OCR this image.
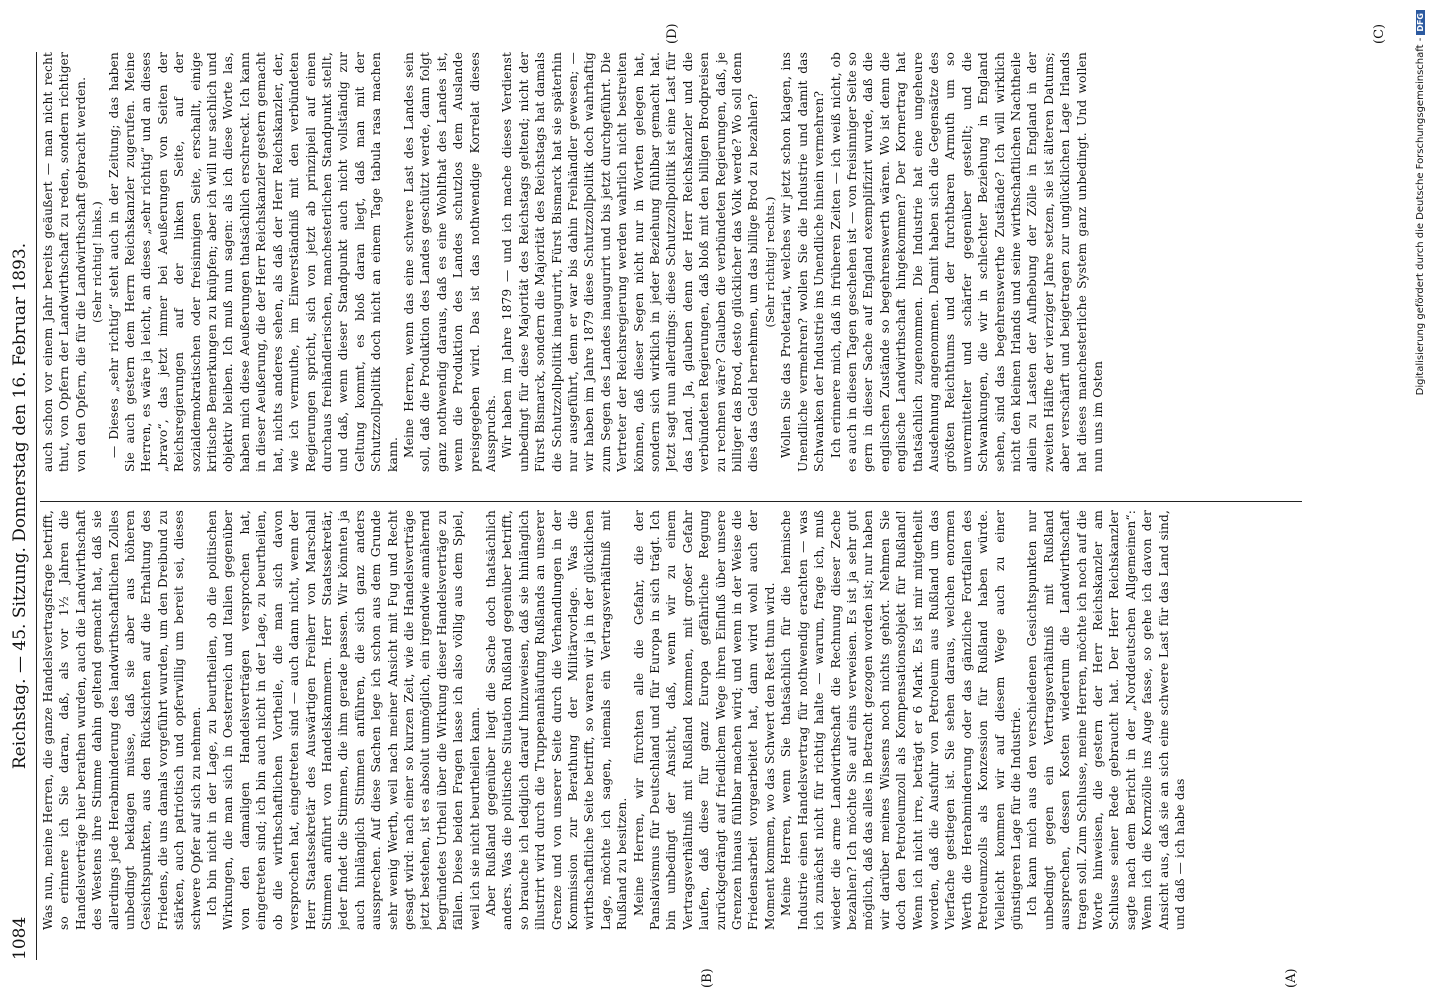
1084
Reichstag. — 45. Sitzung. Donnerstag den 16. Februar 1893. Was nun, meine Herren, die ganze Handelsvertragsfrage betrifft, so erinnere ich Sie daran, daß, als vor 1½ Jahren die Handelsverträge hier berathen wurden, auch die Landwirthschaft des Westens ihre Stimme dahin geltend gemacht hat, daß sie allerdings jede Herabminderung des landwirthschaftlichen Zolles unbedingt beklagen müsse, daß sie aber aus höheren Gesichtspunkten, aus den Rücksichten auf die Erhaltung des Friedens, die uns damals vorgeführt wurden, um den Dreibund zu stärken, auch patriotisch und opferwillig um bereit sei, dieses schwere Opfer auf sich zu nehmen. Ich bin nicht in der Lage, zu beurtheilen, ob die politischen Wirkungen, die man sich in Oesterreich und Italien gegenüber von den damaligen Handelsverträgen versprochen hat, eingetreten sind; ich bin auch nicht in der Lage, zu beurtheilen, ob die wirthschaftlichen Vortheile, die man sich davon versprochen hat, eingetreten sind — auch dann nicht, wenn der Herr Staatssekretär des Auswärtigen Freiherr von Marschall Stimmen anführt von Handelskammern. Herr Staatssekretär, jeder findet die Stimmen, die ihm gerade passen. Wir könnten ja auch hinlänglich Stimmen anführen, die sich ganz anders aussprechen. Auf diese Sachen lege ich schon aus dem Grunde sehr wenig Werth, weil nach meiner Ansicht mit Fug und Recht gesagt wird: nach einer so kurzen Zeit, wie die Handelsverträge jetzt bestehen, ist es absolut unmöglich, ein irgendwie annähernd begründetes Urtheil über die Wirkung dieser Handelsverträge zu fällen. Diese beiden Fragen lasse ich also völlig aus dem Spiel, weil ich sie nicht beurtheilen kann. Aber Rußland gegenüber liegt die Sache doch thatsächlich anders. Was die politische Situation Rußland gegenüber betrifft, so brauche ich lediglich darauf hinzuweisen, daß sie hinlänglich illustrirt wird durch die Truppenanhäufung Rußlands an unserer Grenze und von unserer Seite durch die Verhandlungen in der Kommission zur Berathung der Militärvorlage. Was die wirthschaftliche Seite betrifft, so waren wir ja in der glücklichen Lage, möchte ich sagen, niemals ein Vertragsverhältniß mit Rußland zu besitzen. Meine Herren, wir fürchten alle die Gefahr, die der Panslavismus für Deutschland und für Europa in sich trägt. Ich bin unbedingt der Ansicht, daß, wenn wir zu einem Vertragsverhältniß mit Rußland kommen, mit großer Gefahr laufen, daß diese für ganz Europa gefährliche Regung zurückgedrängt auf friedlichem Wege ihren Einfluß über unsere Grenzen hinaus fühlbar machen wird; und wenn in der Weise die Friedensarbeit vorgearbeitet hat, dann wird wohl auch der Moment kommen, wo das Schwert den Rest thun wird. Meine Herren, wenn Sie thatsächlich für die heimische Industrie einen Handelsvertrag für nothwendig erachten — was ich zunächst nicht für richtig halte — warum, frage ich, muß wieder die arme Landwirthschaft die Rechnung dieser Zeche bezahlen? Ich möchte Sie auf eins verweisen. Es ist ja sehr gut möglich, daß das alles in Betracht gezogen worden ist; nur haben wir darüber meines Wissens noch nichts gehört. Nehmen Sie doch den Petroleumzoll als Kompensationsobjekt für Rußland! Wenn ich nicht irre, beträgt er 6 Mark. Es ist mir mitgetheilt worden, daß die Ausfuhr von Petroleum aus Rußland um das Vierfache gestiegen ist. Sie sehen daraus, welchen enormen Werth die Herabminderung oder das gänzliche Fortfallen des Petroleumzolls als Konzession für Rußland haben würde. Vielleicht kommen wir auf diesem Wege auch zu einer günstigeren Lage für die Industrie. Ich kann mich aus den verschiedenen Gesichtspunkten nur unbedingt gegen ein Vertragsverhältniß mit Rußland aussprechen, dessen Kosten wiederum die Landwirthschaft tragen soll. Zum Schlusse, meine Herren, möchte ich noch auf die Worte hinweisen, die gestern der Herr Reichskanzler am Schlusse seiner Rede gebraucht hat. Der Herr Reichskanzler sagte nach dem Bericht in der „Norddeutschen Allgemeinen“: Wenn ich die Kornzölle ins Auge fasse, so gehe ich davon der Ansicht aus, daß sie an sich eine schwere Last für das Land sind, und daß — ich habe das

auch schon vor einem Jahr bereits geäußert — man nicht recht thut, von Opfern der Landwirthschaft zu reden, sondern richtiger von den Opfern, die für die Landwirthschaft gebracht werden. (Sehr richtig! links.) — Dieses „sehr richtig“ steht auch in der Zeitung; das haben Sie auch gestern dem Herrn Reichskanzler zugerufen. Meine Herren, es wäre ja leicht, an dieses „sehr richtig“ und an dieses „bravo“, das jetzt immer bei Aeußerungen von Seiten der Reichsregierungen auf der linken Seite, auf der sozialdemokratischen oder freisinnigen Seite, erschallt, einige kritische Bemerkungen zu knüpfen; aber ich will nur sachlich und objektiv bleiben. Ich muß nun sagen: als ich diese Worte las, haben mich diese Aeußerungen thatsächlich erschreckt. Ich kann in dieser Aeußerung, die der Herr Reichskanzler gestern gemacht hat, nichts anderes sehen, als daß der Herr Reichskanzler, der, wie ich vermuthe, im Einverständniß mit den verbündeten Regierungen spricht, sich von jetzt ab prinzipiell auf einen durchaus freihändlerischen, manchesterlichen Standpunkt stellt, und daß, wenn dieser Standpunkt auch nicht vollständig zur Geltung kommt, es bloß daran liegt, daß man mit der Schutzzollpolitik doch nicht an einem Tage tabula rasa machen kann. Meine Herren, wenn das eine schwere Last des Landes sein soll, daß die Produktion des Landes geschützt werde, dann folgt ganz nothwendig daraus, daß es eine Wohlthat des Landes ist, wenn die Produktion des Landes schutzlos dem Auslande preisgegeben wird. Das ist das nothwendige Korrelat dieses Ausspruchs. Wir haben im Jahre 1879 — und ich mache dieses Verdienst unbedingt für diese Majorität des Reichstags geltend; nicht der Fürst Bismarck, sondern die Majorität des Reichstags hat damals die Schutzzollpolitik inaugurirt, Fürst Bismarck hat sie späterhin nur ausgeführt, denn er war bis dahin Freihändler gewesen; — wir haben im Jahre 1879 diese Schutzzollpolitik doch wahrhaftig zum Segen des Landes inaugurirt und bis jetzt durchgeführt. Die Vertreter der Reichsregierung werden wahrlich nicht bestreiten können, daß dieser Segen nicht nur in Worten gelegen hat, sondern sich wirklich in jeder Beziehung fühlbar gemacht hat. Jetzt sagt nun allerdings: diese Schutzzollpolitik ist eine Last für das Land. Ja, glauben denn der Herr Reichskanzler und die verbündeten Regierungen, daß bloß mit den billigen Brodpreisen zu rechnen wäre? Glauben die verbündeten Regierungen, daß, je billiger das Brod, desto glücklicher das Volk werde? Wo soll denn dies das Geld hernehmen, um das billige Brod zu bezahlen? (Sehr richtig! rechts.) Wollen Sie das Proletariat, welches wir jetzt schon klagen, ins Unendliche vermehren? wollen Sie die Industrie und damit das Schwanken der Industrie ins Unendliche hinein vermehren? Ich erinnere mich, daß in früheren Zeiten — ich weiß nicht, ob es auch in diesen Tagen geschehen ist — von freisinniger Seite so gern in dieser Sache auf England exemplifizirt wurde, daß die englischen Zustände so begehrenswerth wären. Wo ist denn die englische Landwirthschaft hingekommen? Der Kornertrag hat thatsächlich zugenommen. Die Industrie hat eine ungeheure Ausdehnung angenommen. Damit haben sich die Gegensätze des größten Reichthums und der furchtbaren Armuth um so unvermittelter und schärfer gegenüber gestellt; und die Schwankungen, die wir in schlechter Beziehung in England sehen, sind das begehrenswerthe Zustände? Ich will wirklich nicht den kleinen Irlands und seine wirthschaftlichen Nachtheile allein zu Lasten der Aufhebung der Zölle in England in der zweiten Hälfte der vierziger Jahre setzen, sie ist älteren Datums; aber verschärft und beigetragen zur unglücklichen Lage Irlands hat dieses manchesterliche System ganz unbedingt. Und wollen nun uns im Osten

(A)
(B)
(C)
(D)
Digitalisierung gefördert durch die Deutsche Forschungsgemeinschaft -DFG
